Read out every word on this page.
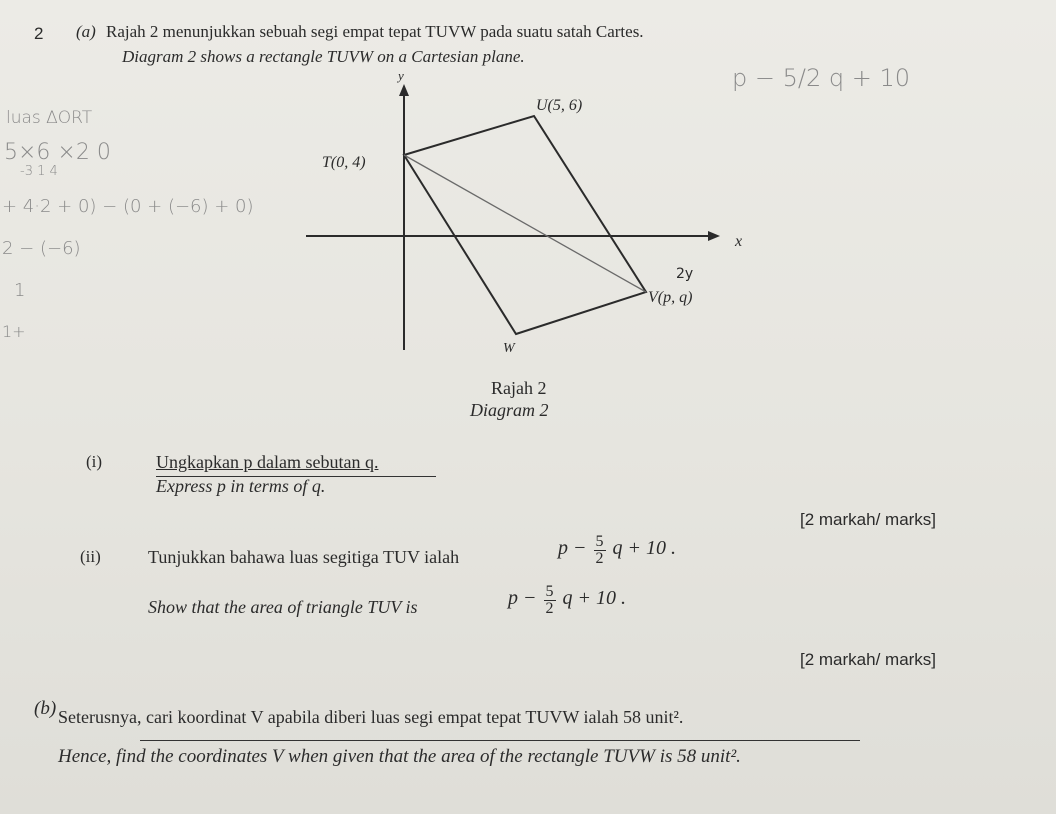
2 (a) Rajah 2 menunjukkan sebuah segi empat tepat TUVW pada suatu satah Cartes.
Diagram 2 shows a rectangle TUVW on a Cartesian plane.
luas ΔORT
5×6 ×2 0
-3 1 4
+ 4·2 + 0) − (0 + (−6) + 0)
2 − (−6)
1
1+
p − 5/2 q + 10
y
x
U(5, 6)
T(0, 4)
V(p, q)
W
2y
Rajah 2
Diagram 2
(i)	Ungkapkan p dalam sebutan q.
Express p in terms of q.
[2 markah/ marks]
(ii)	Tunjukkan bahawa luas segitiga TUV ialah	$p - \frac{5}{2}$ q + 10 .
Show that the area of triangle TUV is	$p - \frac{5}{2}$ q + 10 .
[2 markah/ marks]
(b) Seterusnya, cari koordinat V apabila diberi luas segi empat tepat TUVW ialah 58 unit².
Hence, find the coordinates V when given that the area of the rectangle TUVW is 58 unit².
